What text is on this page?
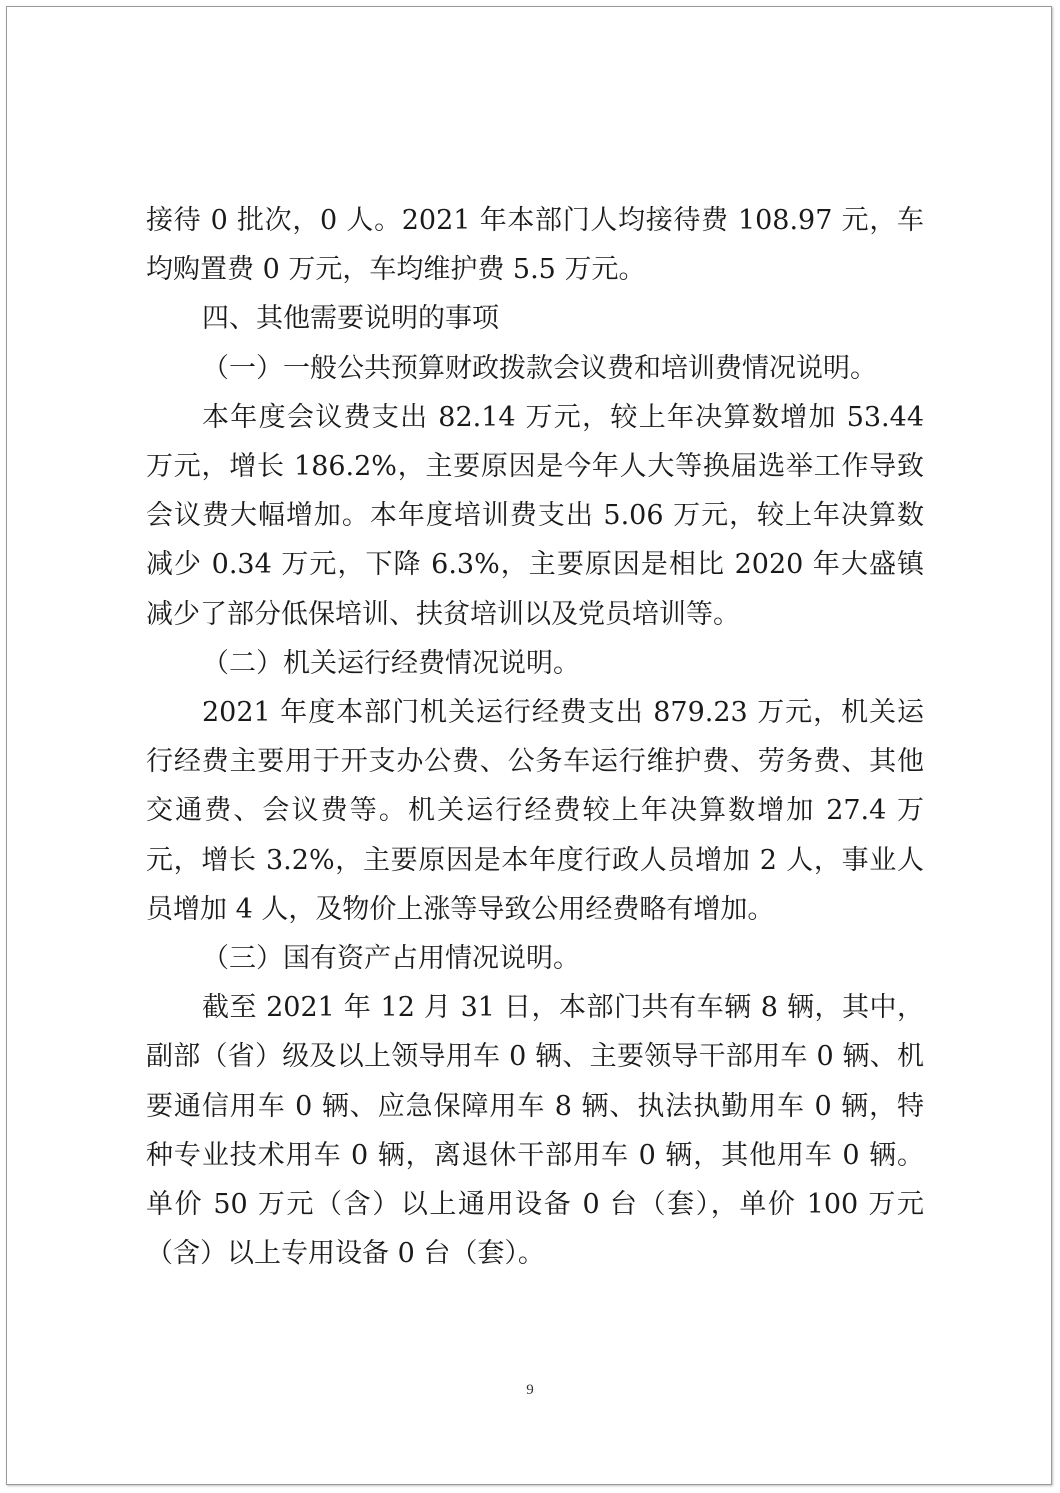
接待 0 批次，0 人。2021 年本部门人均接待费 108.97 元，车均购置费 0 万元，车均维护费 5.5 万元。

四、其他需要说明的事项

（一）一般公共预算财政拨款会议费和培训费情况说明。

本年度会议费支出 82.14 万元，较上年决算数增加 53.44 万元，增长 186.2%，主要原因是今年人大等换届选举工作导致会议费大幅增加。本年度培训费支出 5.06 万元，较上年决算数减少 0.34 万元，下降 6.3%，主要原因是相比 2020 年大盛镇减少了部分低保培训、扶贫培训以及党员培训等。

（二）机关运行经费情况说明。

2021 年度本部门机关运行经费支出 879.23 万元，机关运行经费主要用于开支办公费、公务车运行维护费、劳务费、其他交通费、会议费等。机关运行经费较上年决算数增加 27.4 万元，增长 3.2%，主要原因是本年度行政人员增加 2 人，事业人员增加 4 人，及物价上涨等导致公用经费略有增加。

（三）国有资产占用情况说明。

截至 2021 年 12 月 31 日，本部门共有车辆 8 辆，其中，副部（省）级及以上领导用车 0 辆、主要领导干部用车 0 辆、机要通信用车 0 辆、应急保障用车 8 辆、执法执勤用车 0 辆，特种专业技术用车 0 辆，离退休干部用车 0 辆，其他用车 0 辆。单价 50 万元（含）以上通用设备 0 台（套），单价 100 万元（含）以上专用设备 0 台（套）。

9
